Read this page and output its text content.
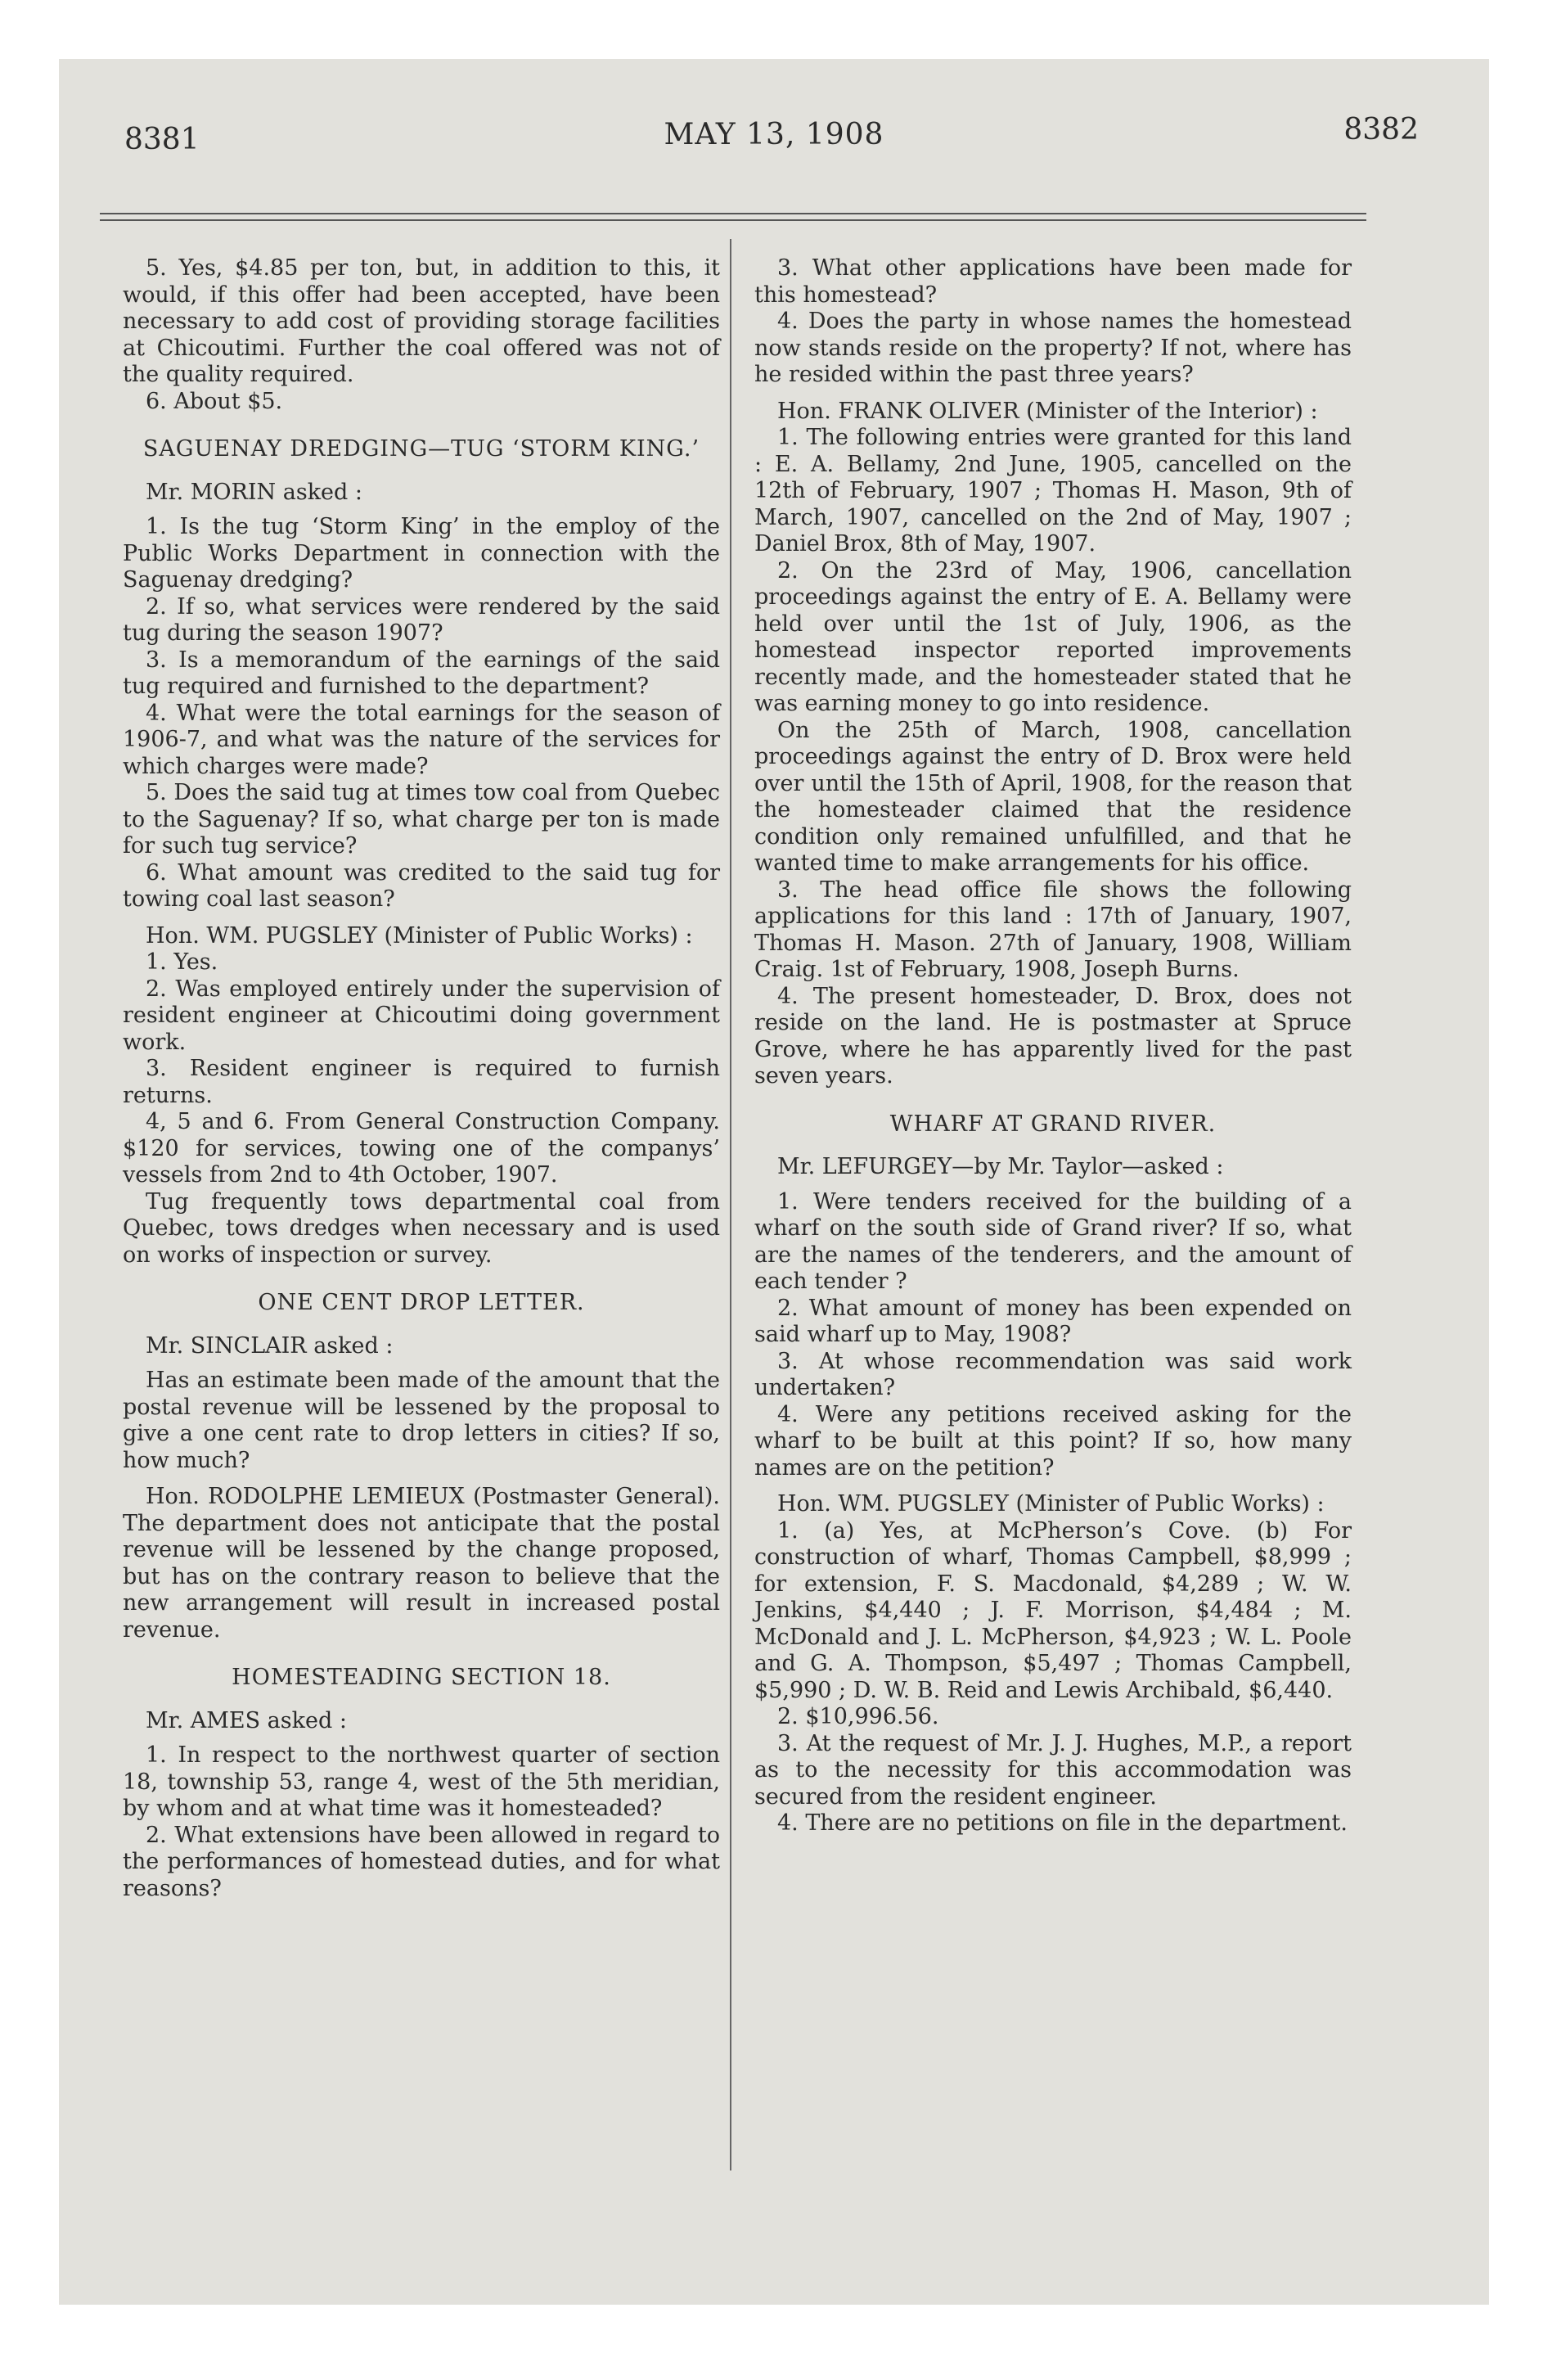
8381	MAY 13, 1908	8382

5. Yes, $4.85 per ton, but, in addition to this, it would, if this offer had been accepted, have been necessary to add cost of providing storage facilities at Chicoutimi. Further the coal offered was not of the quality required.

6. About $5.

SAGUENAY DREDGING—TUG ‘STORM KING.’

Mr. MORIN asked :

1. Is the tug ‘Storm King’ in the employ of the Public Works Department in connection with the Saguenay dredging?

2. If so, what services were rendered by the said tug during the season 1907?

3. Is a memorandum of the earnings of the said tug required and furnished to the department?

4. What were the total earnings for the season of 1906-7, and what was the nature of the services for which charges were made?

5. Does the said tug at times tow coal from Quebec to the Saguenay? If so, what charge per ton is made for such tug service?

6. What amount was credited to the said tug for towing coal last season?

Hon. WM. PUGSLEY (Minister of Public Works) :

1. Yes.

2. Was employed entirely under the supervision of resident engineer at Chicoutimi doing government work.

3. Resident engineer is required to furnish returns.

4, 5 and 6. From General Construction Company. $120 for services, towing one of the companys’ vessels from 2nd to 4th October, 1907.

Tug frequently tows departmental coal from Quebec, tows dredges when necessary and is used on works of inspection or survey.

ONE CENT DROP LETTER.

Mr. SINCLAIR asked :

Has an estimate been made of the amount that the postal revenue will be lessened by the proposal to give a one cent rate to drop letters in cities? If so, how much?

Hon. RODOLPHE LEMIEUX (Postmaster General). The department does not anticipate that the postal revenue will be lessened by the change proposed, but has on the contrary reason to believe that the new arrangement will result in increased postal revenue.

HOMESTEADING SECTION 18.

Mr. AMES asked :

1. In respect to the northwest quarter of section 18, township 53, range 4, west of the 5th meridian, by whom and at what time was it homesteaded?

2. What extensions have been allowed in regard to the performances of homestead duties, and for what reasons?

3. What other applications have been made for this homestead?

4. Does the party in whose names the homestead now stands reside on the property? If not, where has he resided within the past three years?

Hon. FRANK OLIVER (Minister of the Interior) :

1. The following entries were granted for this land : E. A. Bellamy, 2nd June, 1905, cancelled on the 12th of February, 1907 ; Thomas H. Mason, 9th of March, 1907, cancelled on the 2nd of May, 1907 ; Daniel Brox, 8th of May, 1907.

2. On the 23rd of May, 1906, cancellation proceedings against the entry of E. A. Bellamy were held over until the 1st of July, 1906, as the homestead inspector reported improvements recently made, and the homesteader stated that he was earning money to go into residence.

On the 25th of March, 1908, cancellation proceedings against the entry of D. Brox were held over until the 15th of April, 1908, for the reason that the homesteader claimed that the residence condition only remained unfulfilled, and that he wanted time to make arrangements for his office.

3. The head office file shows the following applications for this land : 17th of January, 1907, Thomas H. Mason. 27th of January, 1908, William Craig. 1st of February, 1908, Joseph Burns.

4. The present homesteader, D. Brox, does not reside on the land. He is postmaster at Spruce Grove, where he has apparently lived for the past seven years.

WHARF AT GRAND RIVER.

Mr. LEFURGEY—by Mr. Taylor—asked :

1. Were tenders received for the building of a wharf on the south side of Grand river? If so, what are the names of the tenderers, and the amount of each tender ?

2. What amount of money has been expended on said wharf up to May, 1908?

3. At whose recommendation was said work undertaken?

4. Were any petitions received asking for the wharf to be built at this point? If so, how many names are on the petition?

Hon. WM. PUGSLEY (Minister of Public Works) :

1. (a) Yes, at McPherson’s Cove. (b) For construction of wharf, Thomas Campbell, $8,999 ; for extension, F. S. Macdonald, $4,289 ; W. W. Jenkins, $4,440 ; J. F. Morrison, $4,484 ; M. McDonald and J. L. McPherson, $4,923 ; W. L. Poole and G. A. Thompson, $5,497 ; Thomas Campbell, $5,990 ; D. W. B. Reid and Lewis Archibald, $6,440.

2. $10,996.56.

3. At the request of Mr. J. J. Hughes, M.P., a report as to the necessity for this accommodation was secured from the resident engineer.

4. There are no petitions on file in the department.
